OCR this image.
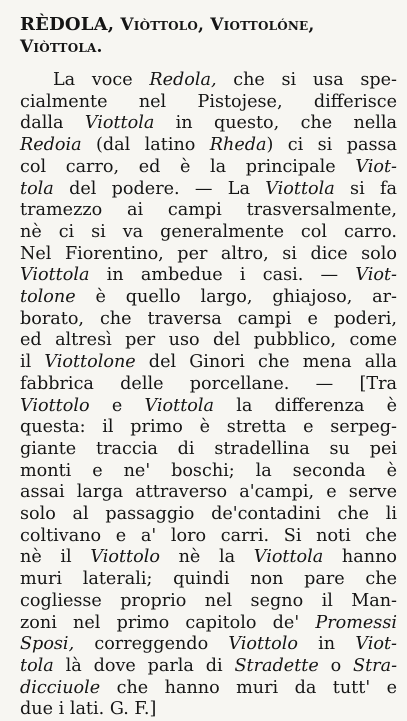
RÈDOLA, Viòttolo, Viottolóne, Viòttola.

La voce Redola, che si usa spe-
cialmente nel Pistojese, differisce
dalla Viottola in questo, che nella
Redoia (dal latino Rheda) ci si passa
col carro, ed è la principale Viot-
tola del podere. — La Viottola si fa
tramezzo ai campi trasversalmente,
nè ci si va generalmente col carro.
Nel Fiorentino, per altro, si dice solo
Viottola in ambedue i casi. — Viot-
tolone è quello largo, ghiajoso, ar-
borato, che traversa campi e poderi,
ed altresì per uso del pubblico, come
il Viottolone del Ginori che mena alla
fabbrica delle porcellane. — [Tra
Viottolo e Viottola la differenza è
questa: il primo è stretta e serpeg-
giante traccia di stradellina su pei
monti e ne' boschi; la seconda è
assai larga attraverso a'campi, e serve
solo al passaggio de'contadini che li
coltivano e a' loro carri. Si noti che
nè il Viottolo nè la Viottola hanno
muri laterali; quindi non pare che
cogliesse proprio nel segno il Man-
zoni nel primo capitolo de' Promessi
Sposi, correggendo Viottolo in Viot-
tola là dove parla di Stradette o Stra-
dicciuole che hanno muri da tutt' e
due i lati. G. F.]
